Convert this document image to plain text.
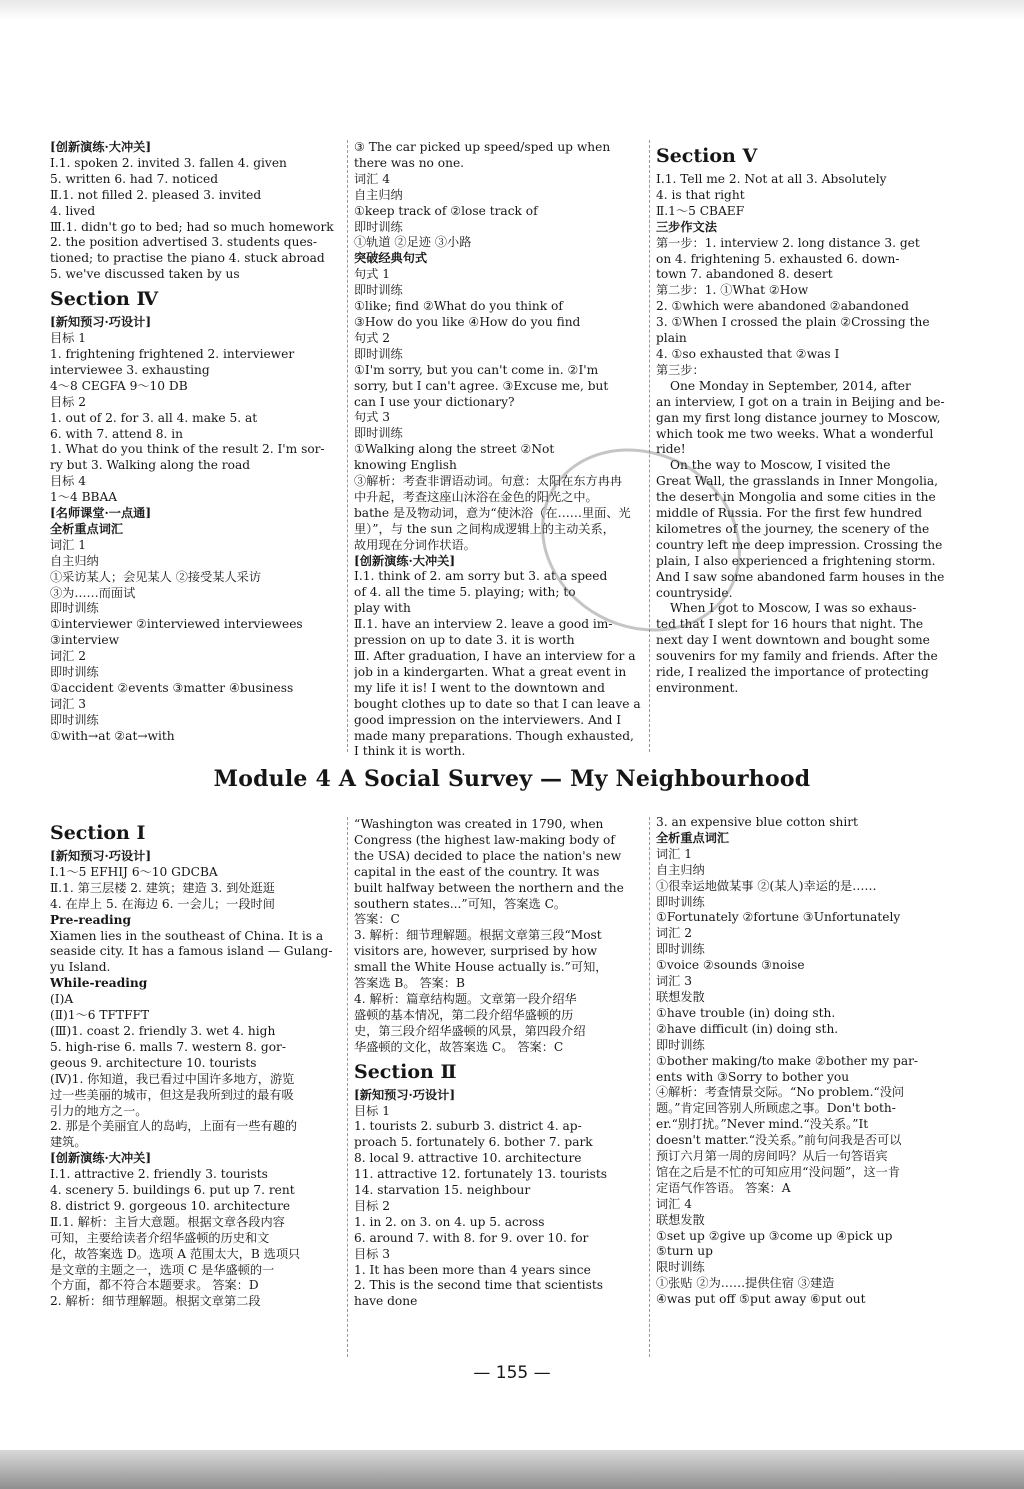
[创新演练·大冲关]
Ⅰ.1. spoken 2. invited 3. fallen 4. given
5. written 6. had 7. noticed
Ⅱ.1. not filled 2. pleased 3. invited
4. lived
Ⅲ.1. didn't go to bed; had so much homework
2. the position advertised 3. students ques-
tioned; to practise the piano 4. stuck abroad
5. we've discussed taken by us
Section Ⅳ
[新知预习·巧设计]
目标 1
1. frightening frightened 2. interviewer
interviewee 3. exhausting
4～8 CEGFA 9～10 DB
目标 2
1. out of 2. for 3. all 4. make 5. at
6. with 7. attend 8. in
1. What do you think of the result 2. I'm sor-
ry but 3. Walking along the road
目标 4
1～4 BBAA
[名师课堂·一点通]
全析重点词汇
词汇 1
自主归纳
①采访某人；会见某人 ②接受某人采访
③为……而面试
即时训练
①interviewer ②interviewed interviewees
③interview
词汇 2
即时训练
①accident ②events ③matter ④business
词汇 3
即时训练
①with→at ②at→with
③ The car picked up speed/sped up when
there was no one.
词汇 4
自主归纳
①keep track of ②lose track of
即时训练
①轨道 ②足迹 ③小路
突破经典句式
句式 1
即时训练
①like; find ②What do you think of
③How do you like ④How do you find
句式 2
即时训练
①I'm sorry, but you can't come in. ②I'm
sorry, but I can't agree. ③Excuse me, but
can I use your dictionary?
句式 3
即时训练
①Walking along the street ②Not
knowing English
③解析：考查非谓语动词。句意：太阳在东方冉冉
中升起，考查这座山沐浴在金色的阳光之中。
bathe 是及物动词，意为“使沐浴（在……里面、光
里）”，与 the sun 之间构成逻辑上的主动关系，
故用现在分词作状语。
[创新演练·大冲关]
Ⅰ.1. think of 2. am sorry but 3. at a speed
of 4. all the time 5. playing; with; to
play with
Ⅱ.1. have an interview 2. leave a good im-
pression on up to date 3. it is worth
Ⅲ. After graduation, I have an interview for a
job in a kindergarten. What a great event in
my life it is! I went to the downtown and
bought clothes up to date so that I can leave a
good impression on the interviewers. And I
made many preparations. Though exhausted,
I think it is worth.
Section Ⅴ
Ⅰ.1. Tell me 2. Not at all 3. Absolutely
4. is that right
Ⅱ.1～5 CBAEF
三步作文法
第一步：1. interview 2. long distance 3. get
on 4. frightening 5. exhausted 6. down-
town 7. abandoned 8. desert
第二步：1. ①What ②How
2. ①which were abandoned ②abandoned
3. ①When I crossed the plain ②Crossing the
plain
4. ①so exhausted that ②was I
第三步：
One Monday in September, 2014, after
an interview, I got on a train in Beijing and be-
gan my first long distance journey to Moscow,
which took me two weeks. What a wonderful
ride!
On the way to Moscow, I visited the
Great Wall, the grasslands in Inner Mongolia,
the desert in Mongolia and some cities in the
middle of Russia. For the first few hundred
kilometres of the journey, the scenery of the
country left me deep impression. Crossing the
plain, I also experienced a frightening storm.
And I saw some abandoned farm houses in the
countryside.
When I got to Moscow, I was so exhaus-
ted that I slept for 16 hours that night. The
next day I went downtown and bought some
souvenirs for my family and friends. After the
ride, I realized the importance of protecting
environment.
Module 4 A Social Survey — My Neighbourhood
Section Ⅰ
[新知预习·巧设计]
Ⅰ.1～5 EFHIJ 6～10 GDCBA
Ⅱ.1. 第三层楼 2. 建筑；建造 3. 到处逛逛
4. 在岸上 5. 在海边 6. 一会儿；一段时间
Pre-reading
Xiamen lies in the southeast of China. It is a
seaside city. It has a famous island — Gulang-
yu Island.
While-reading
(Ⅰ)A
(Ⅱ)1～6 TFTFFT
(Ⅲ)1. coast 2. friendly 3. wet 4. high
5. high-rise 6. malls 7. western 8. gor-
geous 9. architecture 10. tourists
(Ⅳ)1. 你知道，我已看过中国许多地方，游览
过一些美丽的城市，但这是我所到过的最有吸
引力的地方之一。
2. 那是个美丽宜人的岛屿，上面有一些有趣的
建筑。
[创新演练·大冲关]
Ⅰ.1. attractive 2. friendly 3. tourists
4. scenery 5. buildings 6. put up 7. rent
8. district 9. gorgeous 10. architecture
Ⅱ.1. 解析：主旨大意题。根据文章各段内容
可知，主要给读者介绍华盛顿的历史和文
化，故答案选 D。选项 A 范围太大，B 选项只
是文章的主题之一，选项 C 是华盛顿的一
个方面，都不符合本题要求。 答案：D
2. 解析：细节理解题。根据文章第二段
“Washington was created in 1790, when
Congress (the highest law-making body of
the USA) decided to place the nation's new
capital in the east of the country. It was
built halfway between the northern and the
southern states...”可知，答案选 C。
答案：C
3. 解析：细节理解题。根据文章第三段“Most
visitors are, however, surprised by how
small the White House actually is.”可知，
答案选 B。 答案：B
4. 解析：篇章结构题。文章第一段介绍华
盛顿的基本情况，第二段介绍华盛顿的历
史，第三段介绍华盛顿的风景，第四段介绍
华盛顿的文化，故答案选 C。 答案：C
Section Ⅱ
[新知预习·巧设计]
目标 1
1. tourists 2. suburb 3. district 4. ap-
proach 5. fortunately 6. bother 7. park
8. local 9. attractive 10. architecture
11. attractive 12. fortunately 13. tourists
14. starvation 15. neighbour
目标 2
1. in 2. on 3. on 4. up 5. across
6. around 7. with 8. for 9. over 10. for
目标 3
1. It has been more than 4 years since
2. This is the second time that scientists
have done
3. an expensive blue cotton shirt
全析重点词汇
词汇 1
自主归纳
①很幸运地做某事 ②(某人)幸运的是……
即时训练
①Fortunately ②fortune ③Unfortunately
词汇 2
即时训练
①voice ②sounds ③noise
词汇 3
联想发散
①have trouble (in) doing sth.
②have difficult (in) doing sth.
即时训练
①bother making/to make ②bother my par-
ents with ③Sorry to bother you
④解析：考查情景交际。“No problem.“没问
题。”肯定回答别人所顾虑之事。Don't both-
er.“别打扰。”Never mind.“没关系。”It
doesn't matter.“没关系。”前句问我是否可以
预订六月第一周的房间吗？从后一句答语宾
馆在之后是不忙的可知应用“没问题”，这一肯
定语气作答语。 答案：A
词汇 4
联想发散
①set up ②give up ③come up ④pick up
⑤turn up
限时训练
①张贴 ②为……提供住宿 ③建造
④was put off ⑤put away ⑥put out
— 155 —
